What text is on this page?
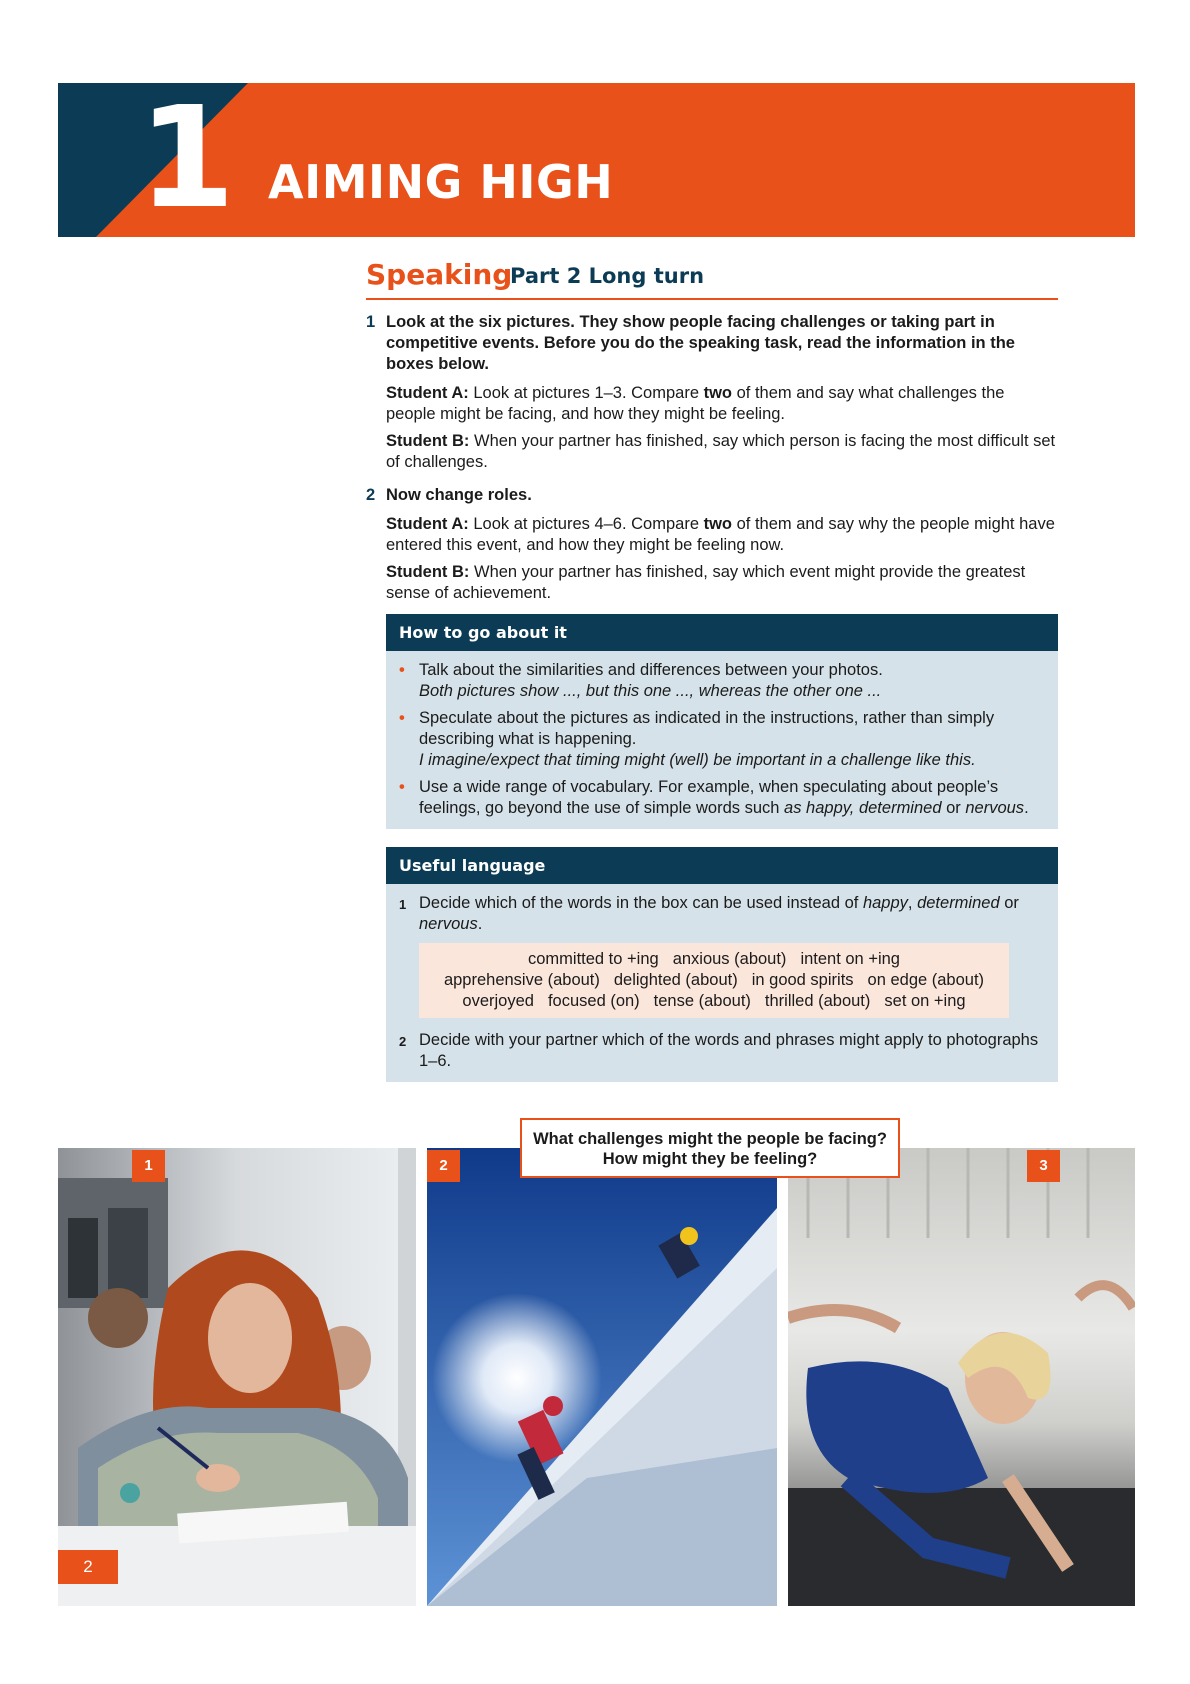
1 AIMING HIGH
Speaking
Part 2 Long turn
1 Look at the six pictures. They show people facing challenges or taking part in competitive events. Before you do the speaking task, read the information in the boxes below.

Student A: Look at pictures 1–3. Compare two of them and say what challenges the people might be facing, and how they might be feeling.

Student B: When your partner has finished, say which person is facing the most difficult set of challenges.

2 Now change roles.

Student A: Look at pictures 4–6. Compare two of them and say why the people might have entered this event, and how they might be feeling now.

Student B: When your partner has finished, say which event might provide the greatest sense of achievement.

How to go about it
• Talk about the similarities and differences between your photos.
Both pictures show ..., but this one ..., whereas the other one ...
• Speculate about the pictures as indicated in the instructions, rather than simply describing what is happening.
I imagine/expect that timing might (well) be important in a challenge like this.
• Use a wide range of vocabulary. For example, when speculating about people’s feelings, go beyond the use of simple words such as happy, determined or nervous.
Useful language
1 Decide which of the words in the box can be used instead of happy, determined or nervous.
committed to +ing anxious (about) intent on +ing
apprehensive (about) delighted (about) in good spirits on edge (about)
overjoyed focused (on) tense (about) thrilled (about) set on +ing
2 Decide with your partner which of the words and phrases might apply to photographs 1–6.
1	2	3
What challenges might the people be facing?
How might they be feeling?
2
